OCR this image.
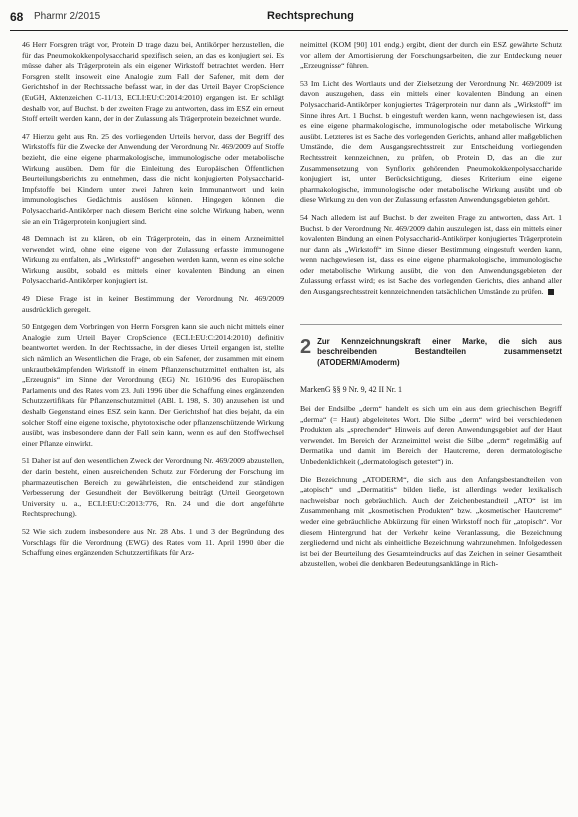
68 Pharmr 2/2015	Rechtsprechung

46 Herr Forsgren trägt vor, Protein D trage dazu bei, Antikörper herzustellen, die für das Pneumokokkenpolysaccharid spezifisch seien, an das es konjugiert sei. Es müsse daher als Trägerprotein als ein eigener Wirkstoff betrachtet werden. Herr Forsgren stellt insoweit eine Analogie zum Fall der Safener, mit dem der Gerichtshof in der Rechtssache befasst war, in der das Urteil Bayer CropScience (EuGH, Aktenzeichen C-11/13, ECLI:EU:C:2014:2010) ergangen ist. Er schlägt deshalb vor, auf Buchst. b der zweiten Frage zu antworten, dass im ESZ ein erneut Stoff erteilt werden kann, der in der Zulassung als Trägerprotein bezeichnet wurde.

47 Hierzu geht aus Rn. 25 des vorliegenden Urteils hervor, dass der Begriff des Wirkstoffs für die Zwecke der Anwendung der Verordnung Nr. 469/2009 auf Stoffe bezieht, die eine eigene pharmakologische, immunologische oder metabolische Wirkung ausüben. Dem für die Einleitung des Europäischen Öffentlichen Beurteilungsberichts zu entnehmen, dass die nicht konjugierten Polysaccharid-Impfstoffe bei Kindern unter zwei Jahren kein Immunantwort und kein immunologisches Gedächtnis auslösen können. Hingegen können die Polysaccharid-Antikörper nach diesem Bericht eine solche Wirkung haben, wenn sie an ein Trägerprotein konjugiert sind.

48 Demnach ist zu klären, ob ein Trägerprotein, das in einem Arzneimittel verwendet wird, ohne eine eigene von der Zulassung erfasste immunogene Wirkung zu entfalten, als „Wirkstoff“ angesehen werden kann, wenn es eine solche Wirkung ausübt, sobald es mittels einer kovalenten Bindung an einen Polysaccharid-Antikörper konjugiert ist.

49 Diese Frage ist in keiner Bestimmung der Verordnung Nr. 469/2009 ausdrücklich geregelt.

50 Entgegen dem Vorbringen von Herrn Forsgren kann sie auch nicht mittels einer Analogie zum Urteil Bayer CropScience (ECLI:EU:C:2014:2010) definitiv beantwortet werden. In der Rechtssache, in der dieses Urteil ergangen ist, stellte sich nämlich an Wesentlichen die Frage, ob ein Safener, der zusammen mit einem unkrautbekämpfenden Wirkstoff in einem Pflanzenschutzmittel enthalten ist, als „Erzeugnis“ im Sinne der Verordnung (EG) Nr. 1610/96 des Europäischen Parlaments und des Rates vom 23. Juli 1996 über die Schaffung eines ergänzenden Schutzzertifikats für Pflanzenschutzmittel (ABl. L 198, S. 30) anzusehen ist und deshalb Gegenstand eines ESZ sein kann. Der Gerichtshof hat dies bejaht, da ein solcher Stoff eine eigene toxische, phytotoxische oder pflanzenschützende Wirkung ausübt, was insbesondere dann der Fall sein kann, wenn es auf den Stoffwechsel einer Pflanze einwirkt.

51 Daher ist auf den wesentlichen Zweck der Verordnung Nr. 469/2009 abzustellen, der darin besteht, einen ausreichenden Schutz zur Förderung der Forschung im pharmazeutischen Bereich zu gewährleisten, die entscheidend zur ständigen Verbesserung der Gesundheit der Bevölkerung beiträgt (Urteil Georgetown University u. a., ECLI:EU:C:2013:776, Rn. 24 und die dort angeführte Rechtsprechung).

52 Wie sich zudem insbesondere aus Nr. 28 Abs. 1 und 3 der Begründung des Vorschlags für die Verordnung (EWG) des Rates vom 11. April 1990 über die Schaffung eines ergänzenden Schutzzertifikats für Arz-

neimittel (KOM [90] 101 endg.) ergibt, dient der durch ein ESZ gewährte Schutz vor allem der Amortisierung der Forschungsarbeiten, die zur Entdeckung neuer „Erzeugnisse“ führen.

53 Im Licht des Wortlauts und der Zielsetzung der Verordnung Nr. 469/2009 ist davon auszugehen, dass ein mittels einer kovalenten Bindung an einen Polysaccharid-Antikörper konjugiertes Trägerprotein nur dann als „Wirkstoff“ im Sinne ihres Art. 1 Buchst. b eingestuft werden kann, wenn nachgewiesen ist, dass es eine eigene pharmakologische, immunologische oder metabolische Wirkung ausübt. Letzteres ist es Sache des vorlegenden Gerichts, anhand aller maßgeblichen Umstände, die dem Ausgangsrechtsstreit zur Entscheidung vorliegenden Rechtsstreit kennzeichnen, zu prüfen, ob Protein D, das an die zur Zusammensetzung von Synflorix gehörenden Pneumokokkenpolysaccharide konjugiert ist, unter Berücksichtigung, dieses Kriterium eine eigene pharmakologische, immunologische oder metabolische Wirkung ausübt und ob diese Wirkung zu den von der Zulassung erfassten Anwendungsgebieten gehört.

54 Nach alledem ist auf Buchst. b der zweiten Frage zu antworten, dass Art. 1 Buchst. b der Verordnung Nr. 469/2009 dahin auszulegen ist, dass ein mittels einer kovalenten Bindung an einen Polysaccharid-Antikörper konjugiertes Trägerprotein nur dann als „Wirkstoff“ im Sinne dieser Bestimmung eingestuft werden kann, wenn nachgewiesen ist, dass es eine eigene pharmakologische, immunologische oder metabolische Wirkung ausübt, die von den Anwendungsgebieten der Zulassung erfasst wird; es ist Sache des vorlegenden Gerichts, dies anhand aller den Ausgangsrechtsstreit kennzeichnenden tatsächlichen Umstände zu prüfen.

2 Zur Kennzeichnungskraft einer Marke, die sich aus beschreibenden Bestandteilen zusammensetzt (ATODERM/Amoderm)

MarkenG §§ 9 Nr. 9, 42 II Nr. 1

Bei der Endsilbe „derm“ handelt es sich um ein aus dem griechischen Begriff „derma“ (= Haut) abgeleitetes Wort. Die Silbe „derm“ wird bei verschiedenen Produkten als „sprechender“ Hinweis auf deren Anwendungsgebiet auf der Haut verwendet. Im Bereich der Arzneimittel weist die Silbe „derm“ regelmäßig auf Dermatika und damit im Bereich der Hautcreme, deren dermatologische Unbedenklichkeit („dermatologisch getestet“) in.

Die Bezeichnung „ATODERM“, die sich aus den Anfangsbestandteilen von „atopisch“ und „Dermatitis“ bilden ließe, ist allerdings weder lexikalisch nachweisbar noch gebräuchlich. Auch der Zeichenbestandteil „ATO“ ist im Zusammenhang mit „kosmetischen Produkten“ bzw. „kosmetischer Hautcreme“ weder eine gebräuchliche Abkürzung für einen Wirkstoff noch für „atopisch“. Vor diesem Hintergrund hat der Verkehr keine Veranlassung, die Bezeichnung zergliedernd und nicht als einheitliche Bezeichnung wahrzunehmen. Infolgedessen ist bei der Beurteilung des Gesamteindrucks auf das Zeichen in seiner Gesamtheit abzustellen, wobei die denkbaren Bedeutungsanklänge in Rich-
